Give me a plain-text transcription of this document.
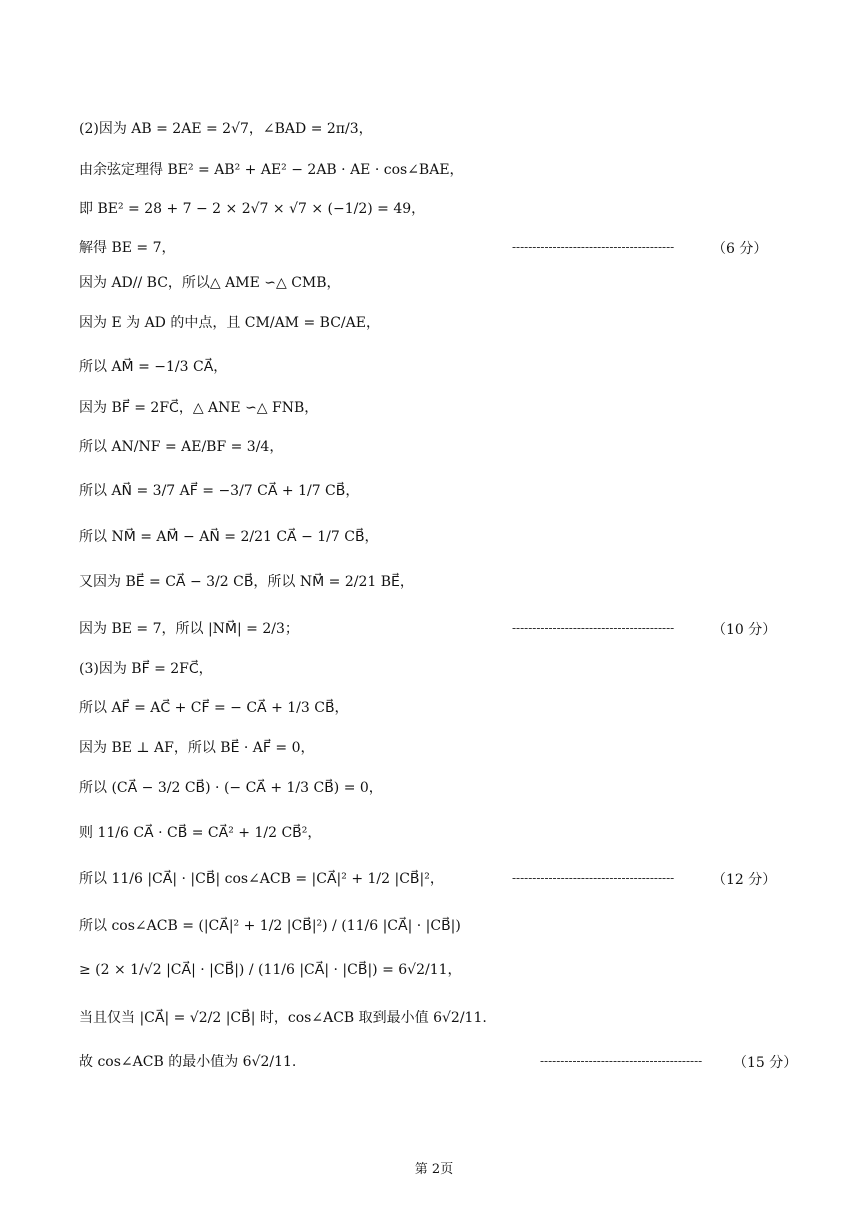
(2)因为 AB = 2AE = 2√7，∠BAD = 2π/3，
由余弦定理得 BE² = AB² + AE² − 2AB · AE · cos∠BAE，
即 BE² = 28 + 7 − 2 × 2√7 × √7 × (−1/2) = 49，
解得 BE = 7，	----------------------------------------	（6 分）
因为 AD// BC，所以△ AME ∽△ CMB，
因为 E 为 AD 的中点，且 CM/AM = BC/AE，
所以 AM⃗ = −1/3 CA⃗，
因为 BF⃗ = 2FC⃗，△ ANE ∽△ FNB，
所以 AN/NF = AE/BF = 3/4，
所以 AN⃗ = 3/7 AF⃗ = −3/7 CA⃗ + 1/7 CB⃗，
所以 NM⃗ = AM⃗ − AN⃗ = 2/21 CA⃗ − 1/7 CB⃗，
又因为 BE⃗ = CA⃗ − 3/2 CB⃗，所以 NM⃗ = 2/21 BE⃗，
因为 BE = 7，所以 |NM⃗| = 2/3；	----------------------------------------	（10 分）
(3)因为 BF⃗ = 2FC⃗，
所以 AF⃗ = AC⃗ + CF⃗ = − CA⃗ + 1/3 CB⃗，
因为 BE ⊥ AF，所以 BE⃗ · AF⃗ = 0，
所以 (CA⃗ − 3/2 CB⃗) · (− CA⃗ + 1/3 CB⃗) = 0，
则 11/6 CA⃗ · CB⃗ = CA⃗² + 1/2 CB⃗²，
所以 11/6 |CA⃗| · |CB⃗| cos∠ACB = |CA⃗|² + 1/2 |CB⃗|²，	----------------------------------------	（12 分）
所以 cos∠ACB = (|CA⃗|² + 1/2 |CB⃗|²) / (11/6 |CA⃗| · |CB⃗|)
≥ (2 × 1/√2 |CA⃗| · |CB⃗|) / (11/6 |CA⃗| · |CB⃗|) = 6√2/11，
当且仅当 |CA⃗| = √2/2 |CB⃗| 时，cos∠ACB 取到最小值 6√2/11.
故 cos∠ACB 的最小值为 6√2/11.	---------------------------------------- （15 分）
第 2页
